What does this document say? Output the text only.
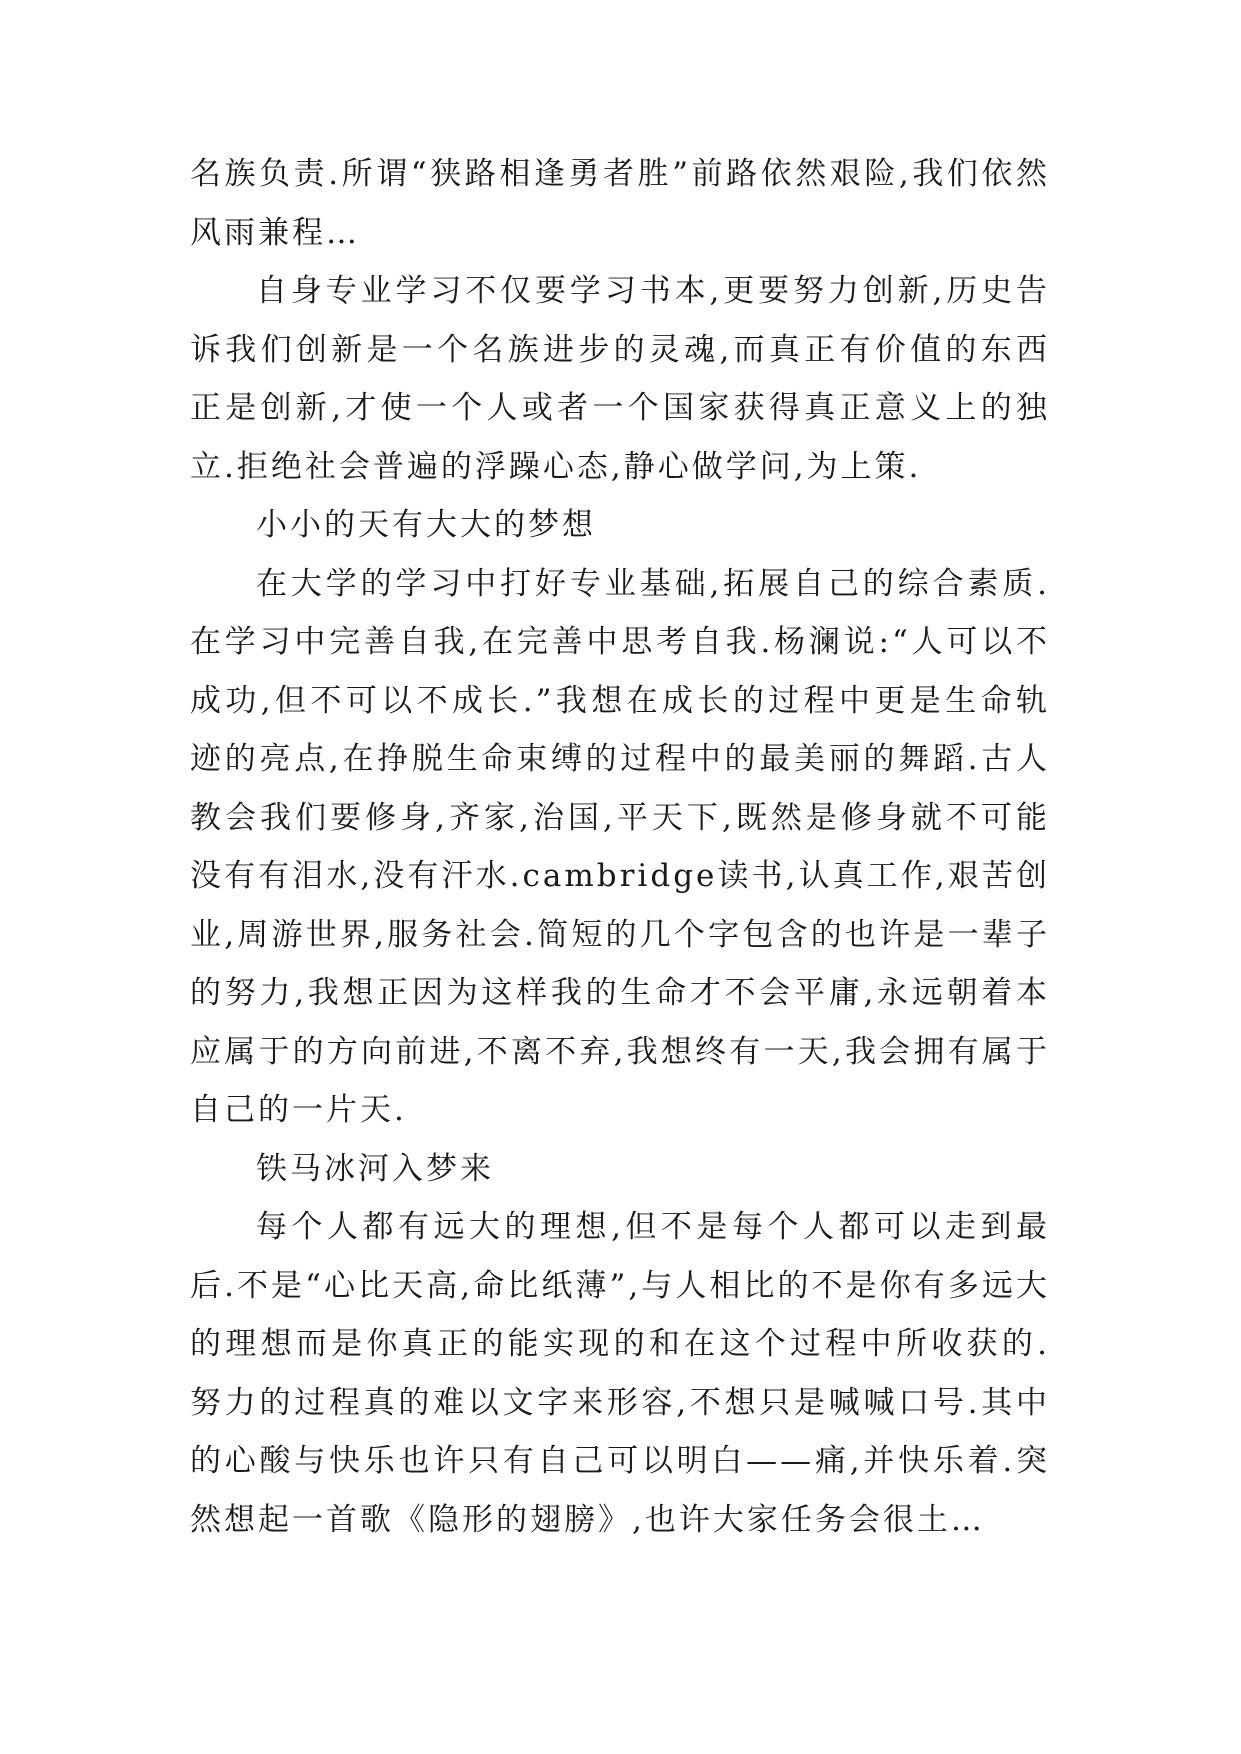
名族负责.所谓“狭路相逢勇者胜”前路依然艰险,我们依然风雨兼程…

自身专业学习不仅要学习书本,更要努力创新,历史告诉我们创新是一个名族进步的灵魂,而真正有价值的东西正是创新,才使一个人或者一个国家获得真正意义上的独立.拒绝社会普遍的浮躁心态,静心做学问,为上策.

小小的天有大大的梦想

在大学的学习中打好专业基础,拓展自己的综合素质.在学习中完善自我,在完善中思考自我.杨澜说:“人可以不成功,但不可以不成长.”我想在成长的过程中更是生命轨迹的亮点,在挣脱生命束缚的过程中的最美丽的舞蹈.古人教会我们要修身,齐家,治国,平天下,既然是修身就不可能没有有泪水,没有汗水.cambridge读书,认真工作,艰苦创业,周游世界,服务社会.简短的几个字包含的也许是一辈子的努力,我想正因为这样我的生命才不会平庸,永远朝着本应属于的方向前进,不离不弃,我想终有一天,我会拥有属于自己的一片天.

铁马冰河入梦来

每个人都有远大的理想,但不是每个人都可以走到最后.不是“心比天高,命比纸薄”,与人相比的不是你有多远大的理想而是你真正的能实现的和在这个过程中所收获的.努力的过程真的难以文字来形容,不想只是喊喊口号.其中的心酸与快乐也许只有自己可以明白——痛,并快乐着.突然想起一首歌《隐形的翅膀》,也许大家任务会很土…
